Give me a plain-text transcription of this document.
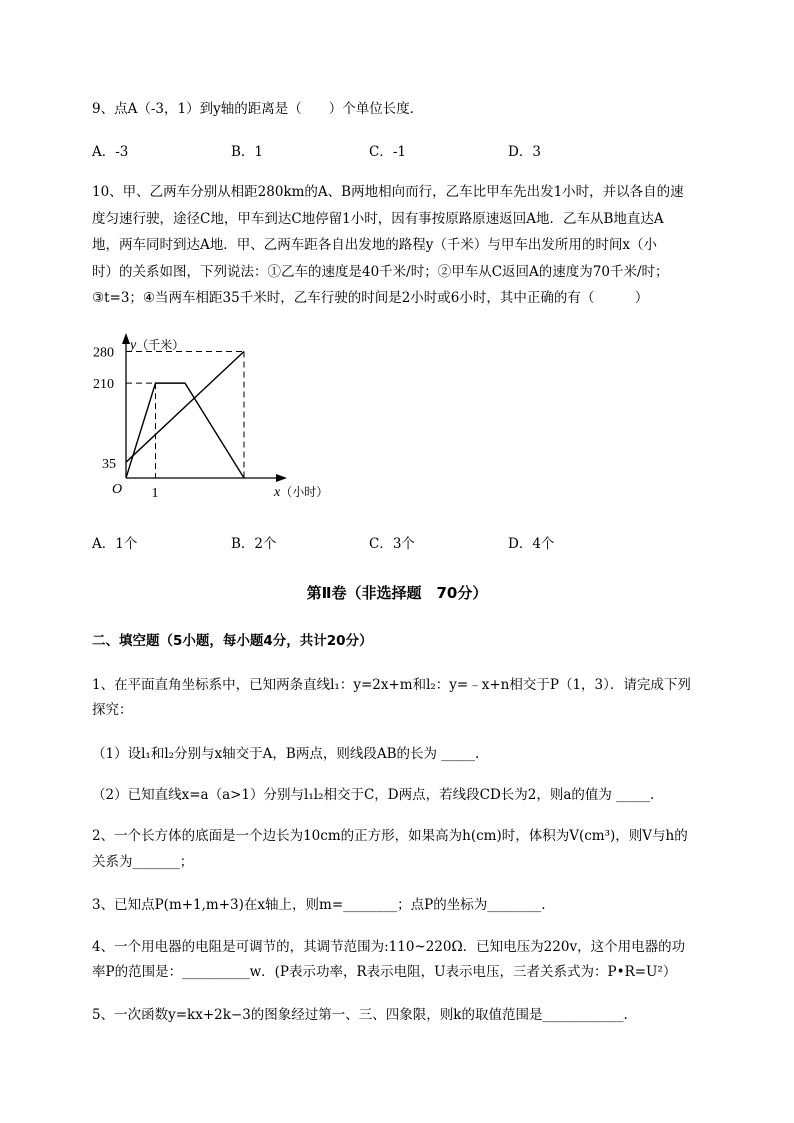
9、点A（-3，1）到y轴的距离是（　　）个单位长度．
A．-3	B．1	C．-1	D．3
10、甲、乙两车分别从相距280km的A、B两地相向而行，乙车比甲车先出发1小时，并以各自的速
度匀速行驶，途径C地，甲车到达C地停留1小时，因有事按原路原速返回A地．乙车从B地直达A
地，两车同时到达A地．甲、乙两车距各自出发地的路程y（千米）与甲车出发所用的时间x（小
时）的关系如图，下列说法：①乙车的速度是40千米/时；②甲车从C返回A的速度为70千米/时；
③t=3；④当两车相距35千米时，乙车行驶的时间是2小时或6小时，其中正确的有（　　　）
y（千米）
x（小时）
280
210
35
1
O
A．1个	B．2个	C．3个	D．4个
第Ⅱ卷（非选择题　70分）
二、填空题（5小题，每小题4分，共计20分）
1、在平面直角坐标系中，已知两条直线l₁：y=2x+m和l₂：y=﹣x+n相交于P（1，3）．请完成下列
探究：
（1）设l₁和l₂分别与x轴交于A，B两点，则线段AB的长为 _____.
（2）已知直线x=a（a>1）分别与l₁l₂相交于C，D两点，若线段CD长为2，则a的值为 _____.
2、一个长方体的底面是一个边长为10cm的正方形，如果高为h(cm)时，体积为V(cm³)，则V与h的
关系为_______；
3、已知点P(m+1,m+3)在x轴上，则m=________；点P的坐标为________.
4、一个用电器的电阻是可调节的，其调节范围为:110~220Ω．已知电压为220v，这个用电器的功
率P的范围是：__________w．(P表示功率，R表示电阻，U表示电压，三者关系式为：P•R=U²）
5、一次函数y=kx+2k−3的图象经过第一、三、四象限，则k的取值范围是____________.
